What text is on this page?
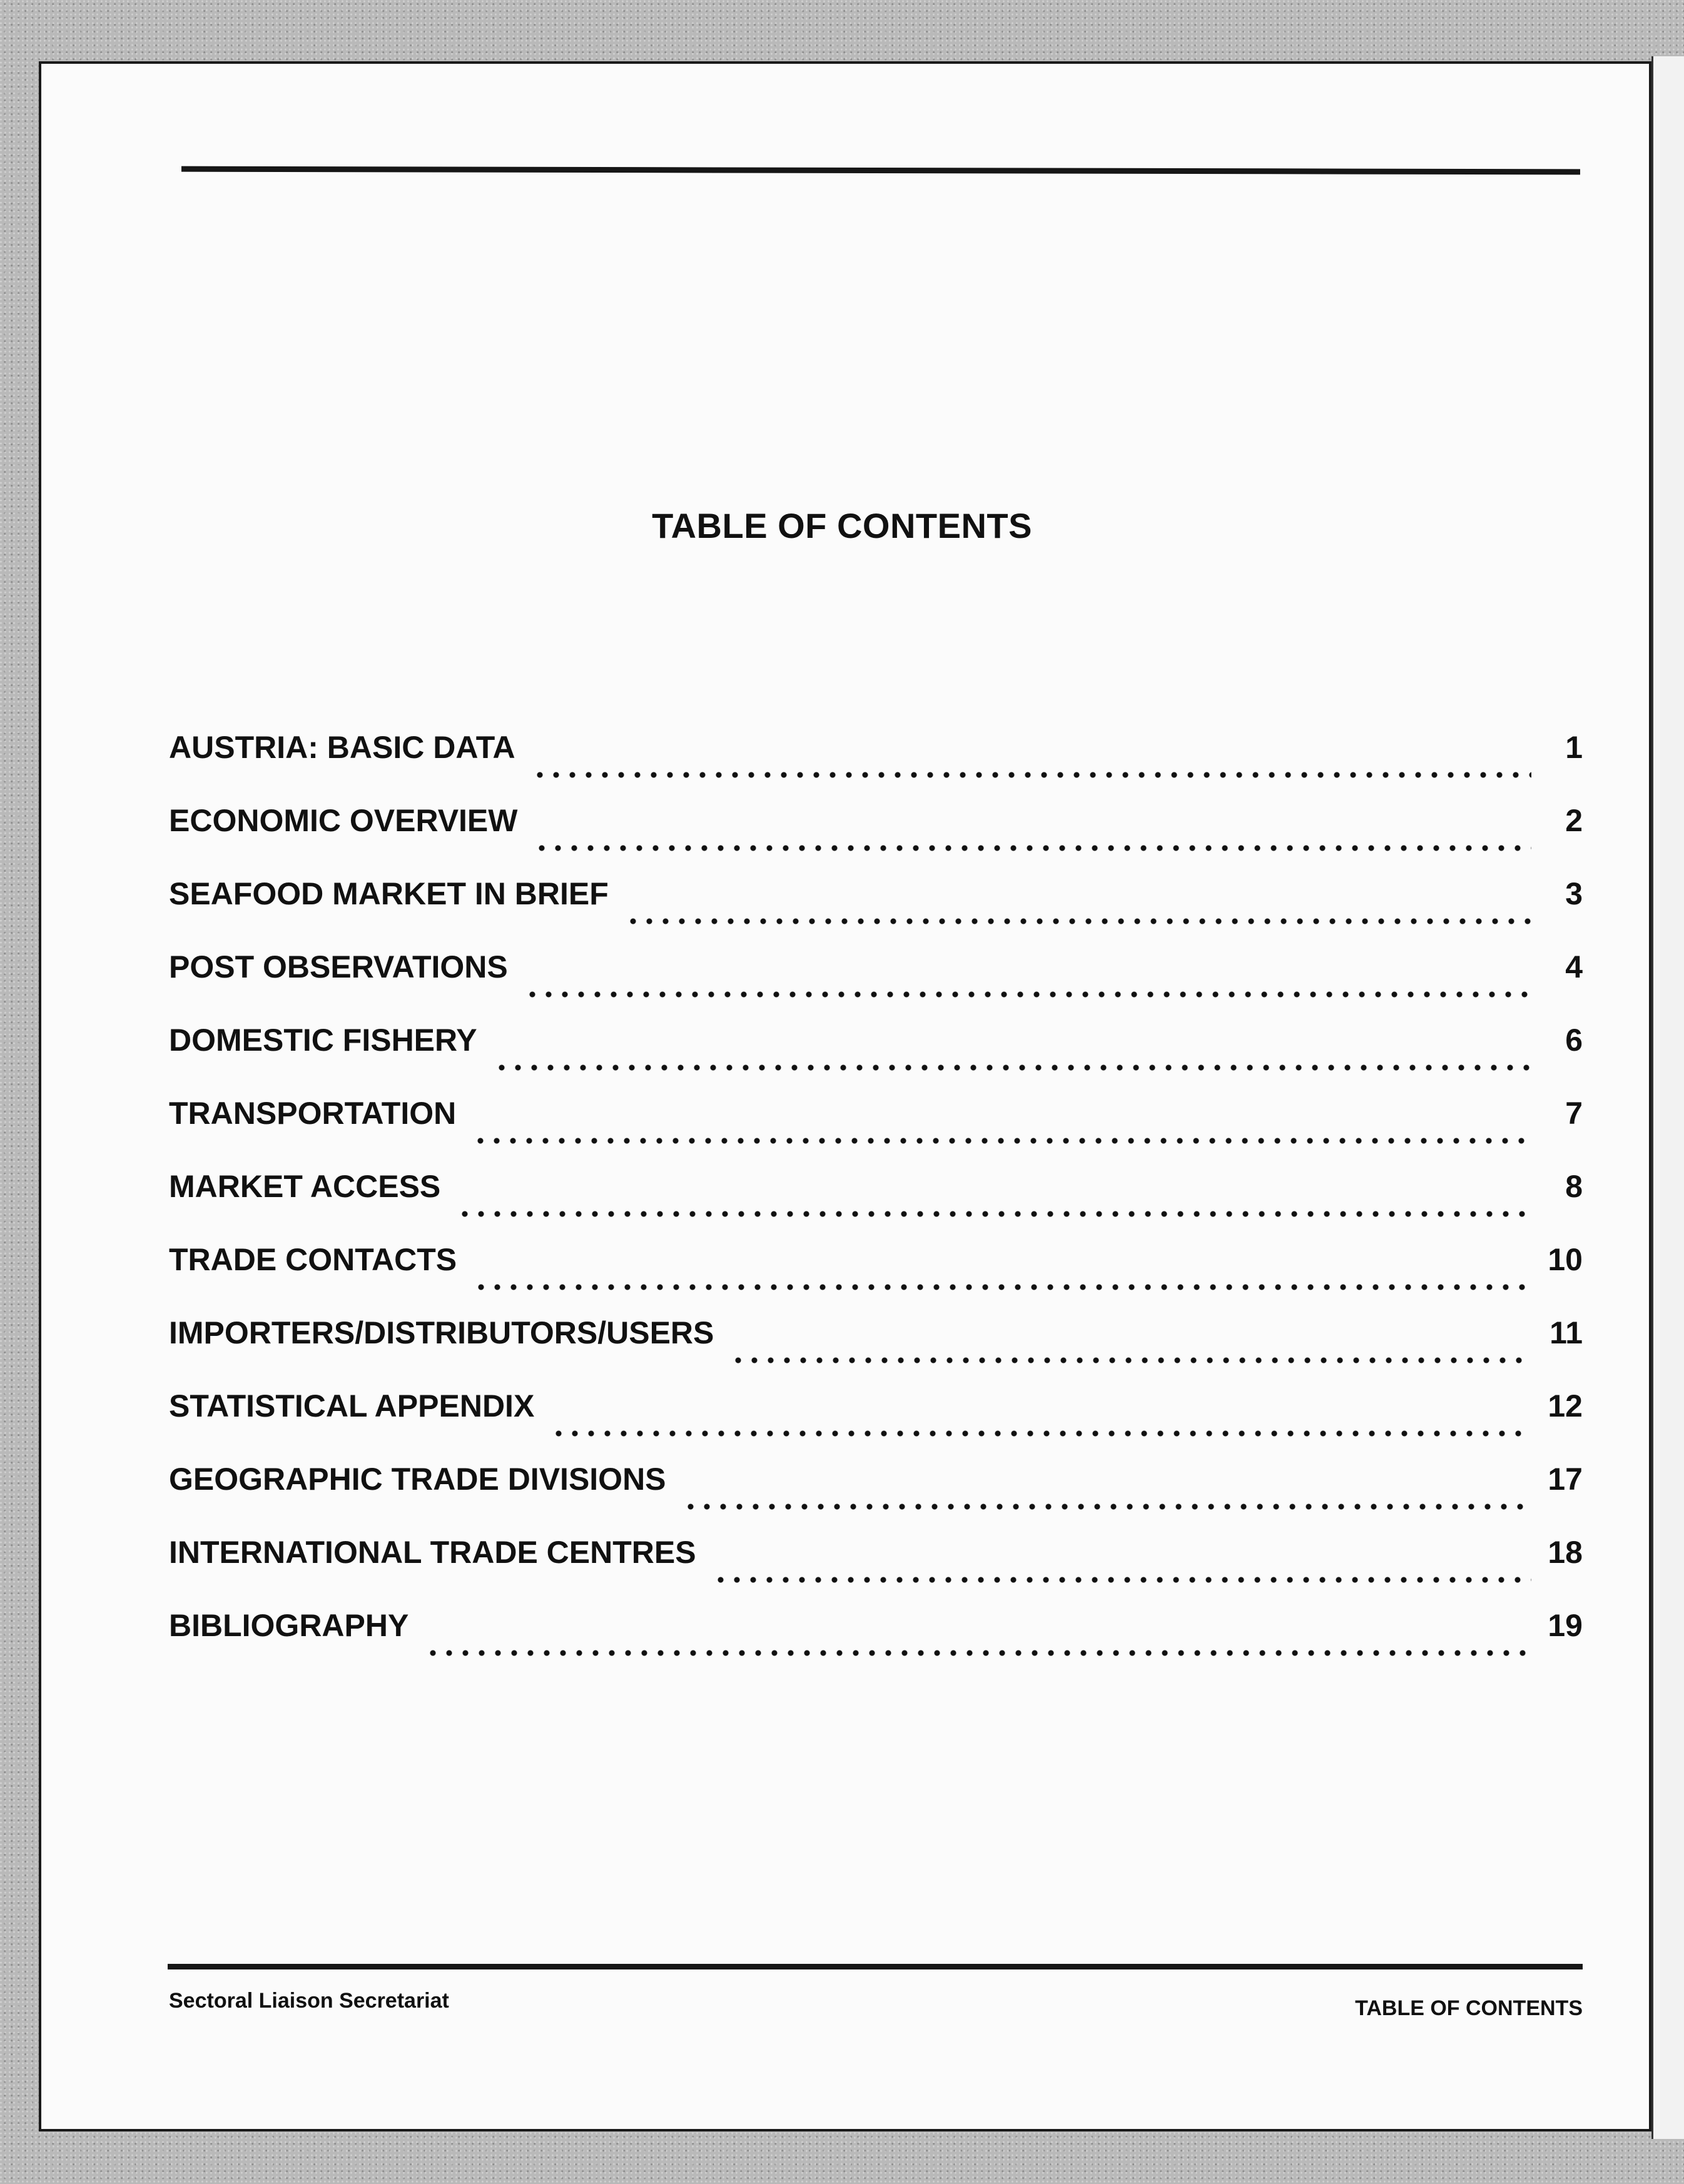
TABLE OF CONTENTS
AUSTRIA: BASIC DATA	1
ECONOMIC OVERVIEW	2
SEAFOOD MARKET IN BRIEF	3
POST OBSERVATIONS	4
DOMESTIC FISHERY	6
TRANSPORTATION	7
MARKET ACCESS	8
TRADE CONTACTS	10
IMPORTERS/DISTRIBUTORS/USERS	11
STATISTICAL APPENDIX	12
GEOGRAPHIC TRADE DIVISIONS	17
INTERNATIONAL TRADE CENTRES	18
BIBLIOGRAPHY	19
Sectoral Liaison Secretariat	TABLE OF CONTENTS
